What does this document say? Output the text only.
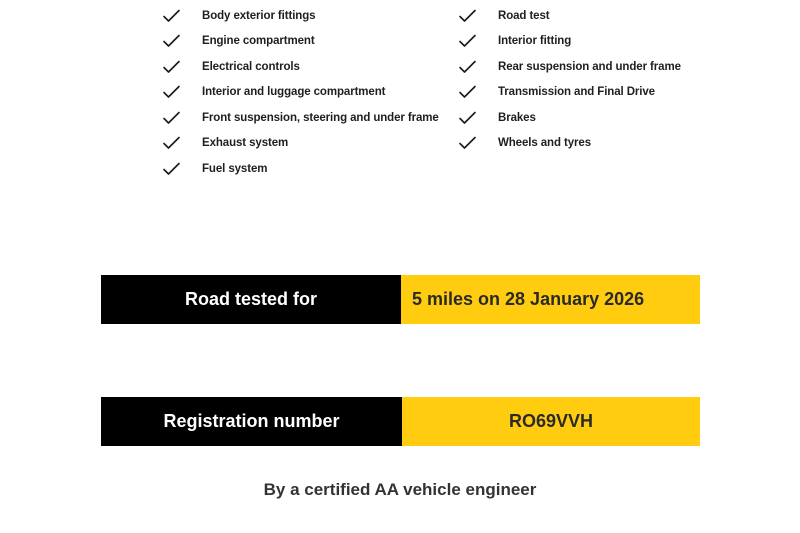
Body exterior fittings
Engine compartment
Electrical controls
Interior and luggage compartment
Front suspension, steering and under frame
Exhaust system
Fuel system
Road test
Interior fitting
Rear suspension and under frame
Transmission and Final Drive
Brakes
Wheels and tyres
Road tested for	5 miles on 28 January 2026
Registration number	RO69VVH

By a certified AA vehicle engineer
